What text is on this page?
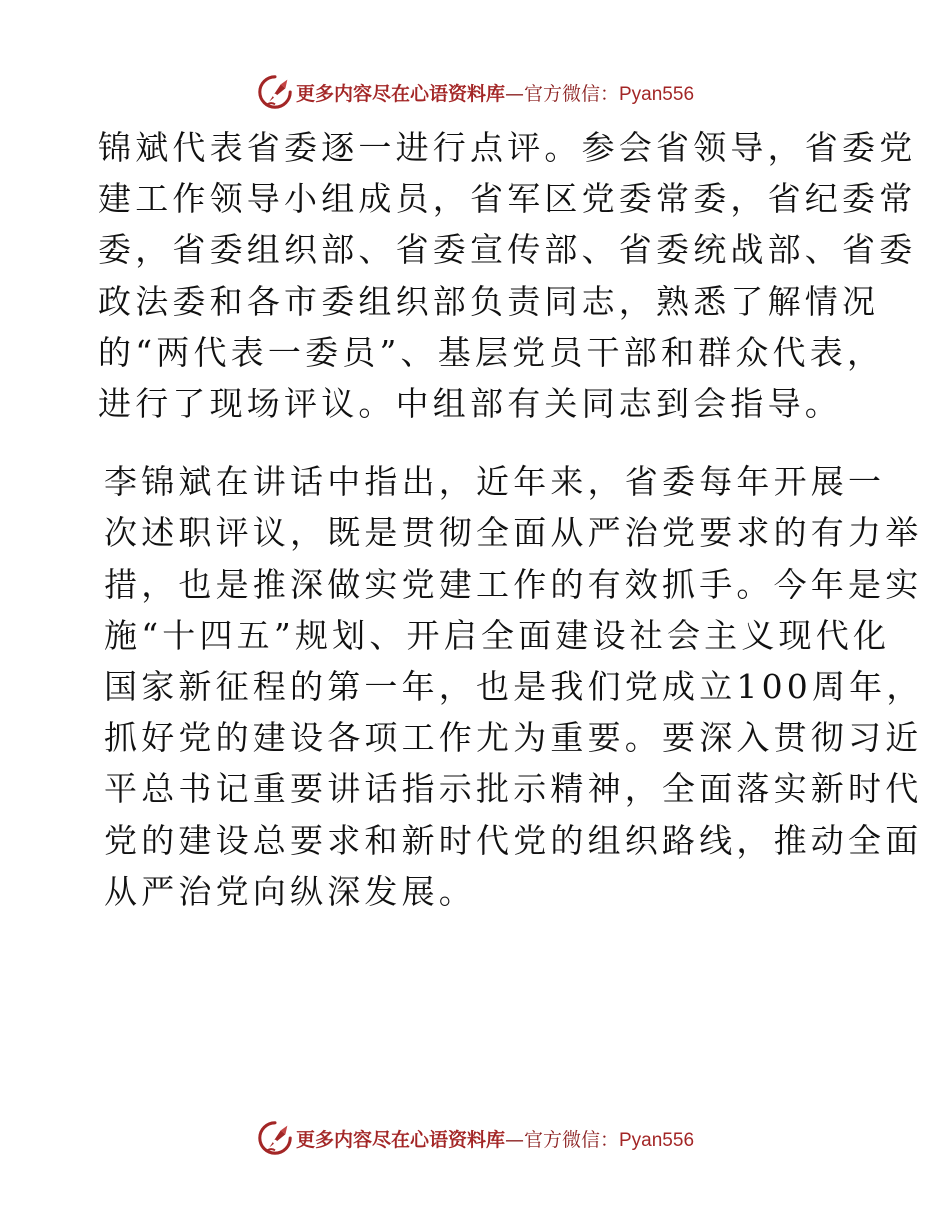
更多内容尽在心语资料库—官方微信：Pyan556

锦斌代表省委逐一进行点评。参会省领导，省委党
建工作领导小组成员，省军区党委常委，省纪委常
委，省委组织部、省委宣传部、省委统战部、省委
政法委和各市委组织部负责同志，熟悉了解情况
的“两代表一委员”、基层党员干部和群众代表，
进行了现场评议。中组部有关同志到会指导。

李锦斌在讲话中指出，近年来，省委每年开展一
次述职评议，既是贯彻全面从严治党要求的有力举
措，也是推深做实党建工作的有效抓手。今年是实
施“十四五”规划、开启全面建设社会主义现代化
国家新征程的第一年，也是我们党成立100周年，
抓好党的建设各项工作尤为重要。要深入贯彻习近
平总书记重要讲话指示批示精神，全面落实新时代
党的建设总要求和新时代党的组织路线，推动全面
从严治党向纵深发展。

更多内容尽在心语资料库—官方微信：Pyan556
